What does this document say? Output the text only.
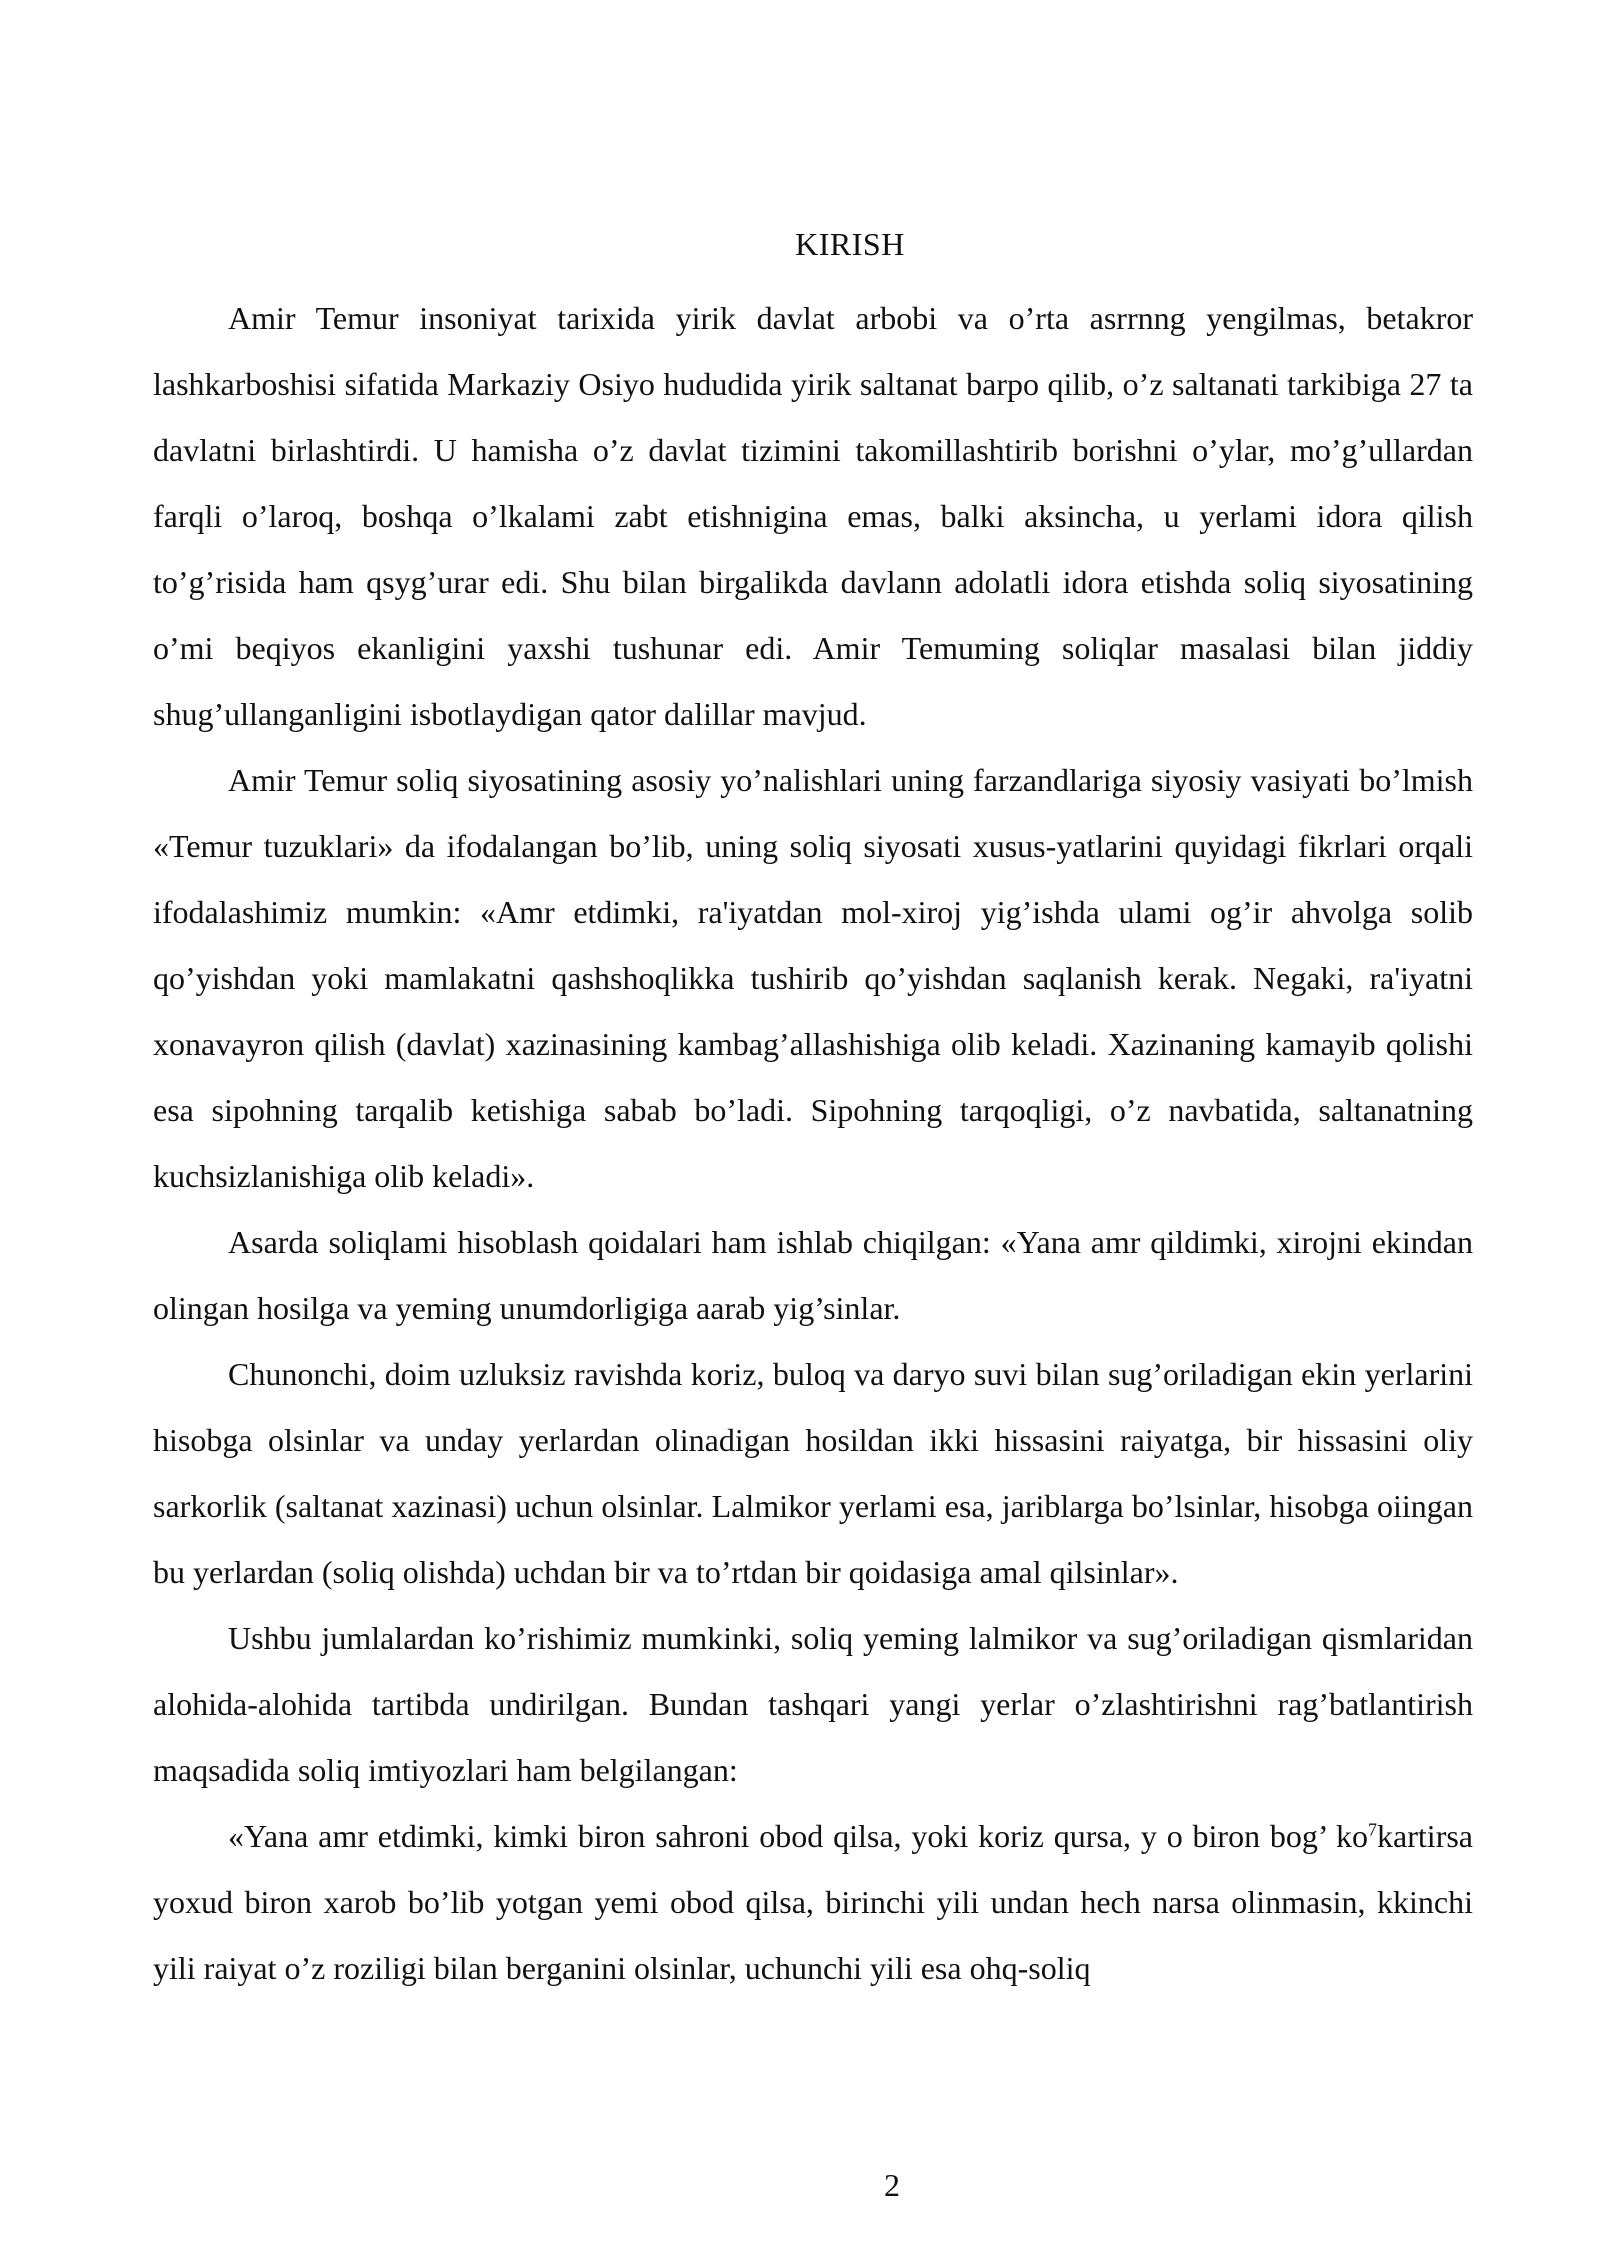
KIRISH

Amir Temur insoniyat tarixida yirik davlat arbobi va o’rta asrrnng yengilmas, betakror lashkarboshisi sifatida Markaziy Osiyo hududida yirik saltanat barpo qilib, o’z saltanati tarkibiga 27 ta davlatni birlashtirdi. U hamisha o’z davlat tizimini takomillashtirib borishni o’ylar, mo’g’ullardan farqli o’laroq, boshqa o’lkalami zabt etishnigina emas, balki aksincha, u yerlami idora qilish to’g’risida ham qsyg’urar edi. Shu bilan birgalikda davlann adolatli idora etishda soliq siyosatining o’mi beqiyos ekanligini yaxshi tushunar edi. Amir Temuming soliqlar masalasi bilan jiddiy shug’ullanganligini isbotlaydigan qator dalillar mavjud.

Amir Temur soliq siyosatining asosiy yo’nalishlari uning farzandlariga siyosiy vasiyati bo’lmish «Temur tuzuklari» da ifodalangan bo’lib, uning soliq siyosati xusus-yatlarini quyidagi fikrlari orqali ifodalashimiz mumkin: «Amr etdimki, ra'iyatdan mol-xiroj yig’ishda ulami og’ir ahvolga solib qo’yishdan yoki mamlakatni qashshoqlikka tushirib qo’yishdan saqlanish kerak. Negaki, ra'iyatni xonavayron qilish (davlat) xazinasining kambag’allashishiga olib keladi. Xazinaning kamayib qolishi esa sipohning tarqalib ketishiga sabab bo’ladi. Sipohning tarqoqligi, o’z navbatida, saltanatning kuchsizlanishiga olib keladi».

Asarda soliqlami hisoblash qoidalari ham ishlab chiqilgan: «Yana amr qildimki, xirojni ekindan olingan hosilga va yeming unumdorligiga aarab yig’sinlar.

Chunonchi, doim uzluksiz ravishda koriz, buloq va daryo suvi bilan sug’oriladigan ekin yerlarini hisobga olsinlar va unday yerlardan olinadigan hosildan ikki hissasini raiyatga, bir hissasini oliy sarkorlik (saltanat xazinasi) uchun olsinlar. Lalmikor yerlami esa, jariblarga bo’lsinlar, hisobga oiingan bu yerlardan (soliq olishda) uchdan bir va to’rtdan bir qoidasiga amal qilsinlar».

Ushbu jumlalardan ko’rishimiz mumkinki, soliq yeming lalmikor va sug’oriladigan qismlaridan alohida-alohida tartibda undirilgan. Bundan tashqari yangi yerlar o’zlashtirishni rag’batlantirish maqsadida soliq imtiyozlari ham belgilangan:

«Yana amr etdimki, kimki biron sahroni obod qilsa, yoki koriz qursa, y o biron bog’ $ko^7kartirsa$ yoxud biron xarob bo’lib yotgan yemi obod qilsa, birinchi yili undan hech narsa olinmasin, kkinchi yili raiyat o’z roziligi bilan berganini olsinlar, uchunchi yili esa ohq-soliq

2
